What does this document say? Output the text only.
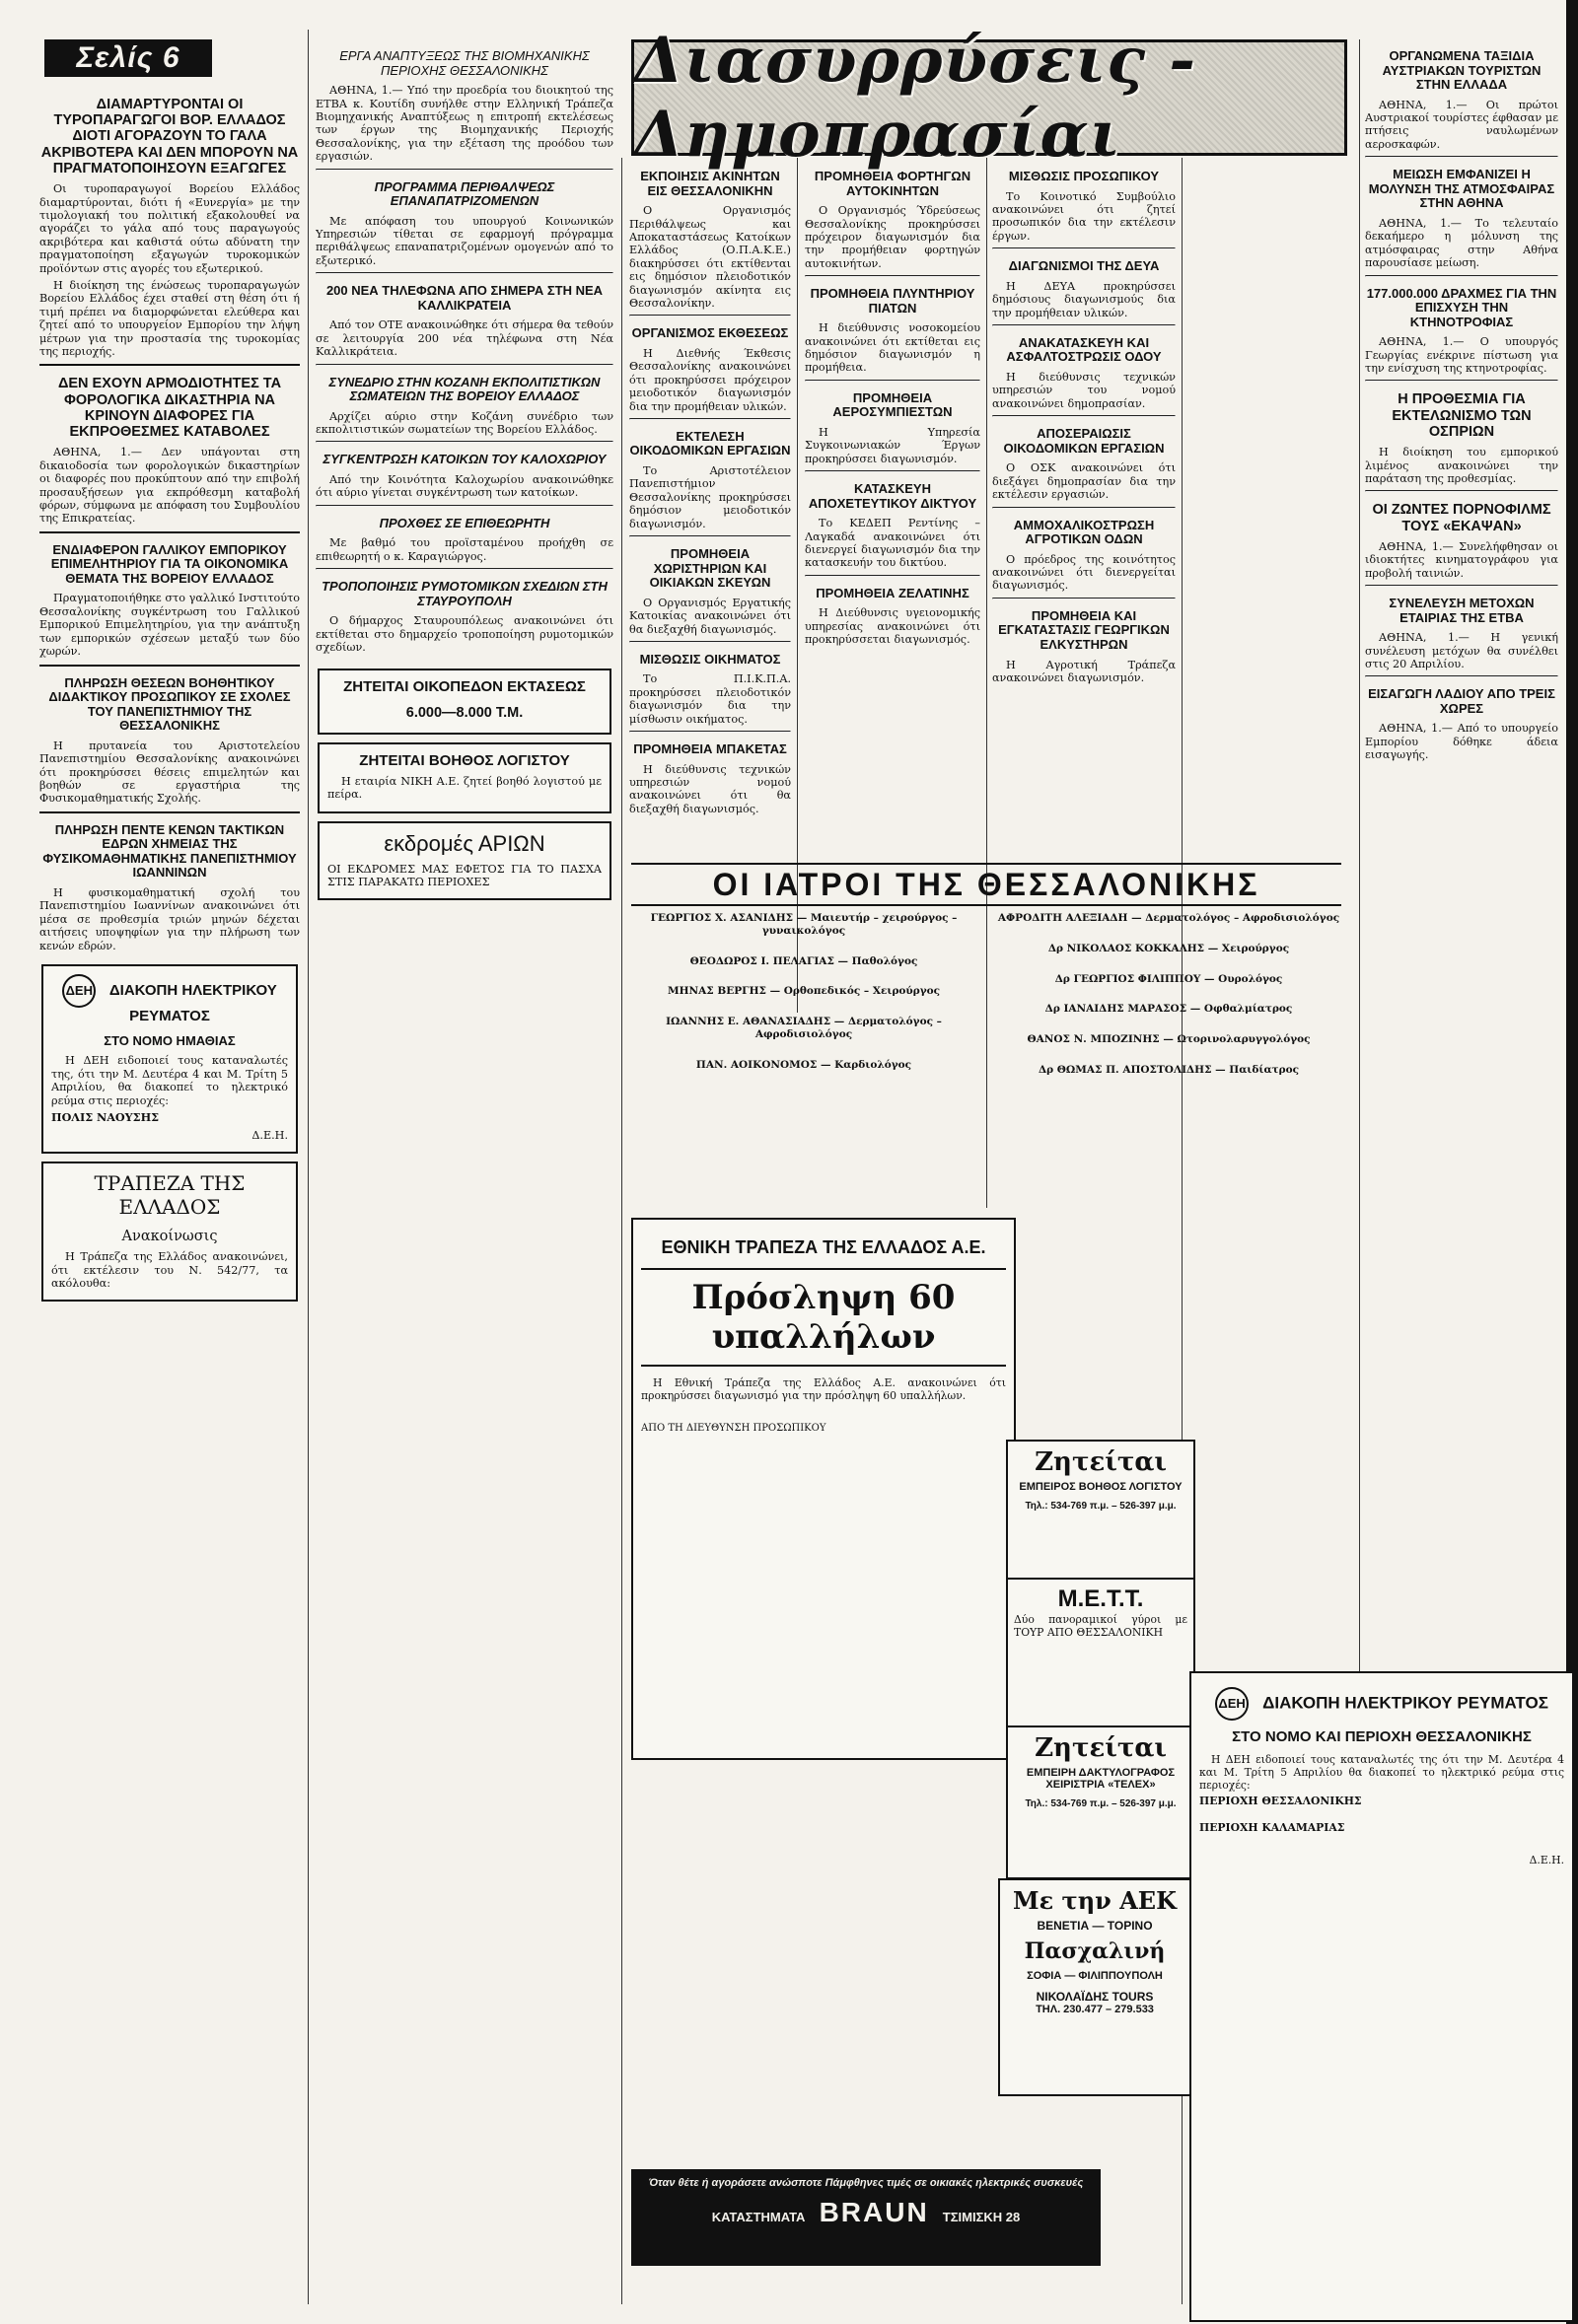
Σελίς 6	Διασυρρύσεις - Δημοπρασίαι
ΔΙΑΜΑΡΤΥΡΟΝΤΑΙ ΟΙ ΤΥΡΟΠΑΡΑΓΩΓΟΙ ΒΟΡ. ΕΛΛΑΔΟΣ ΔΙΟΤΙ ΑΓΟΡΑΖΟΥΝ ΤΟ ΓΑΛΑ ΑΚΡΙΒΟΤΕΡΑ ΚΑΙ ΔΕΝ ΜΠΟΡΟΥΝ ΝΑ ΠΡΑΓΜΑΤΟΠΟΙΗΣΟΥΝ ΕΞΑΓΩΓΕΣ

Οι τυροπαραγωγοί Βορείου Ελλάδος διαμαρτύρονται, διότι ή «Ευνεργία» με την τιμολογιακή του πολιτική εξακολουθεί να αγοράζει το γάλα από τους παραγωγούς ακριβότερα και καθιστά ούτω αδύνατη την πραγματοποίηση εξαγωγών τυροκομικών προϊόντων στις αγορές του εξωτερικού.

Η διοίκηση της ένώσεως τυροπαραγωγών Βορείου Ελλάδος έχει σταθεί στη θέση ότι ή τιμή πρέπει να διαμορφώνεται ελεύθερα και ζητεί από το υπουργείον Εμπορίου την λήψη μέτρων για την προστασία της τυροκομίας της περιοχής.

ΔΕΝ ΕΧΟΥΝ ΑΡΜΟΔΙΟΤΗΤΕΣ ΤΑ ΦΟΡΟΛΟΓΙΚΑ ΔΙΚΑΣΤΗΡΙΑ ΝΑ ΚΡΙΝΟΥΝ ΔΙΑΦΟΡΕΣ ΓΙΑ ΕΚΠΡΟΘΕΣΜΕΣ ΚΑΤΑΒΟΛΕΣ

ΑΘΗΝΑ, 1.— Δεν υπάγονται στη δικαιοδοσία των φορολογικών δικαστηρίων οι διαφορές που προκύπτουν από την επιβολή προσαυξήσεων για εκπρόθεσμη καταβολή φόρων, σύμφωνα με απόφαση του Συμβουλίου της Επικρατείας.

ΕΝΔΙΑΦΕΡΟΝ ΓΑΛΛΙΚΟΥ ΕΜΠΟΡΙΚΟΥ ΕΠΙΜΕΛΗΤΗΡΙΟΥ ΓΙΑ ΤΑ ΟΙΚΟΝΟΜΙΚΑ ΘΕΜΑΤΑ ΤΗΣ ΒΟΡΕΙΟΥ ΕΛΛΑΔΟΣ

Πραγματοποιήθηκε στο γαλλικό Ινστιτούτο Θεσσαλονίκης συγκέντρωση του Γαλλικού Εμπορικού Επιμελητηρίου, για την ανάπτυξη των εμπορικών σχέσεων μεταξύ των δύο χωρών.

ΠΛΗΡΩΣΗ ΘΕΣΕΩΝ ΒΟΗΘΗΤΙΚΟΥ ΔΙΔΑΚΤΙΚΟΥ ΠΡΟΣΩΠΙΚΟΥ ΣΕ ΣΧΟΛΕΣ ΤΟΥ ΠΑΝΕΠΙΣΤΗΜΙΟΥ ΤΗΣ ΘΕΣΣΑΛΟΝΙΚΗΣ

Η πρυτανεία του Αριστοτελείου Πανεπιστημίου Θεσσαλονίκης ανακοινώνει ότι προκηρύσσει θέσεις επιμελητών και βοηθών σε εργαστήρια της Φυσικομαθηματικής Σχολής.

ΠΛΗΡΩΣΗ ΠΕΝΤΕ ΚΕΝΩΝ ΤΑΚΤΙΚΩΝ ΕΔΡΩΝ ΧΗΜΕΙΑΣ ΤΗΣ ΦΥΣΙΚΟΜΑΘΗΜΑΤΙΚΗΣ ΠΑΝΕΠΙΣΤΗΜΙΟΥ ΙΩΑΝΝΙΝΩΝ

Η φυσικομαθηματική σχολή του Πανεπιστημίου Ιωαννίνων ανακοινώνει ότι μέσα σε προθεσμία τριών μηνών δέχεται αιτήσεις υποψηφίων για την πλήρωση των κενών εδρών.

ΔΕΗ ΔΙΑΚΟΠΗ ΗΛΕΚΤΡΙΚΟΥ ΡΕΥΜΑΤΟΣ
ΣΤΟ ΝΟΜΟ ΗΜΑΘΙΑΣ

Η ΔΕΗ ειδοποιεί τους καταναλωτές της, ότι την Μ. Δευτέρα 4 και Μ. Τρίτη 5 Απριλίου, θα διακοπεί το ηλεκτρικό ρεύμα στις περιοχές:

ΠΟΛΙΣ ΝΑΟΥΣΗΣ

Δ.Ε.Η.

ΤΡΑΠΕΖΑ ΤΗΣ ΕΛΛΑΔΟΣ
Ανακοίνωσις

Η Τράπεζα της Ελλάδος ανακοινώνει, ότι εκτέλεσιν του Ν. 542/77, τα ακόλουθα:

ΕΡΓΑ ΑΝΑΠΤΥΞΕΩΣ ΤΗΣ ΒΙΟΜΗΧΑΝΙΚΗΣ ΠΕΡΙΟΧΗΣ ΘΕΣΣΑΛΟΝΙΚΗΣ

ΑΘΗΝΑ, 1.— Υπό την προεδρία του διοικητού της ΕΤΒΑ κ. Κουτίδη συνήλθε στην Ελληνική Τράπεζα Βιομηχανικής Αναπτύξεως η επιτροπή εκτελέσεως των έργων της Βιομηχανικής Περιοχής Θεσσαλονίκης, για την εξέταση της προόδου των εργασιών.

ΠΡΟΓΡΑΜΜΑ ΠΕΡΙΘΑΛΨΕΩΣ ΕΠΑΝΑΠΑΤΡΙΖΟΜΕΝΩΝ

Με απόφαση του υπουργού Κοινωνικών Υπηρεσιών τίθεται σε εφαρμογή πρόγραμμα περιθάλψεως επαναπατριζομένων ομογενών από το εξωτερικό.

200 ΝΕΑ ΤΗΛΕΦΩΝΑ ΑΠΟ ΣΗΜΕΡΑ ΣΤΗ ΝΕΑ ΚΑΛΛΙΚΡΑΤΕΙΑ

Από τον ΟΤΕ ανακοινώθηκε ότι σήμερα θα τεθούν σε λειτουργία 200 νέα τηλέφωνα στη Νέα Καλλικράτεια.

ΣΥΝΕΔΡΙΟ ΣΤΗΝ ΚΟΖΑΝΗ ΕΚΠΟΛΙΤΙΣΤΙΚΩΝ ΣΩΜΑΤΕΙΩΝ ΤΗΣ ΒΟΡΕΙΟΥ ΕΛΛΑΔΟΣ

Αρχίζει αύριο στην Κοζάνη συνέδριο των εκπολιτιστικών σωματείων της Βορείου Ελλάδος.

ΣΥΓΚΕΝΤΡΩΣΗ ΚΑΤΟΙΚΩΝ ΤΟΥ ΚΑΛΟΧΩΡΙΟΥ

Από την Κοινότητα Καλοχωρίου ανακοινώθηκε ότι αύριο γίνεται συγκέντρωση των κατοίκων.

ΠΡΟΧΘΕΣ ΣΕ ΕΠΙΘΕΩΡΗΤΗ

Με βαθμό του προϊσταμένου προήχθη σε επιθεωρητή ο κ. Καραγιώργος.

ΤΡΟΠΟΠΟΙΗΣΙΣ ΡΥΜΟΤΟΜΙΚΩΝ ΣΧΕΔΙΩΝ ΣΤΗ ΣΤΑΥΡΟΥΠΟΛΗ

Ο δήμαρχος Σταυρουπόλεως ανακοινώνει ότι εκτίθεται στο δημαρχείο τροποποίηση ρυμοτομικών σχεδίων.

ΖΗΤΕΙΤΑΙ ΟΙΚΟΠΕΔΟΝ ΕΚΤΑΣΕΩΣ
6.000—8.000 Τ.Μ.
ΖΗΤΕΙΤΑΙ ΒΟΗΘΟΣ ΛΟΓΙΣΤΟΥ

Η εταιρία ΝΙΚΗ Α.Ε. ζητεί βοηθό λογιστού με πείρα.

εκδρομές ΑΡΙΩΝ

ΟΙ ΕΚΔΡΟΜΕΣ ΜΑΣ ΕΦΕΤΟΣ ΓΙΑ ΤΟ ΠΑΣΧΑ ΣΤΙΣ ΠΑΡΑΚΑΤΩ ΠΕΡΙΟΧΕΣ

ΕΚΠΟΙΗΣΙΣ ΑΚΙΝΗΤΩΝ ΕΙΣ ΘΕΣΣΑΛΟΝΙΚΗΝ

Ο Οργανισμός Περιθάλψεως και Αποκαταστάσεως Κατοίκων Ελλάδος (Ο.Π.Α.Κ.Ε.) διακηρύσσει ότι εκτίθενται εις δημόσιον πλειοδοτικόν διαγωνισμόν ακίνητα εις Θεσσαλονίκην.

ΟΡΓΑΝΙΣΜΟΣ ΕΚΘΕΣΕΩΣ

Η Διεθνής Έκθεσις Θεσσαλονίκης ανακοινώνει ότι προκηρύσσει πρόχειρον μειοδοτικόν διαγωνισμόν δια την προμήθειαν υλικών.

ΕΚΤΕΛΕΣΗ ΟΙΚΟΔΟΜΙΚΩΝ ΕΡΓΑΣΙΩΝ

Το Αριστοτέλειον Πανεπιστήμιον Θεσσαλονίκης προκηρύσσει δημόσιον μειοδοτικόν διαγωνισμόν.

ΠΡΟΜΗΘΕΙΑ ΧΩΡΙΣΤΗΡΙΩΝ ΚΑΙ ΟΙΚΙΑΚΩΝ ΣΚΕΥΩΝ

Ο Οργανισμός Εργατικής Κατοικίας ανακοινώνει ότι θα διεξαχθή διαγωνισμός.

ΜΙΣΘΩΣΙΣ ΟΙΚΗΜΑΤΟΣ

Το Π.Ι.Κ.Π.Α. προκηρύσσει πλειοδοτικόν διαγωνισμόν δια την μίσθωσιν οικήματος.

ΠΡΟΜΗΘΕΙΑ ΜΠΑΚΕΤΑΣ

Η διεύθυνσις τεχνικών υπηρεσιών νομού ανακοινώνει ότι θα διεξαχθή διαγωνισμός.

ΠΡΟΜΗΘΕΙΑ ΦΟΡΤΗΓΩΝ ΑΥΤΟΚΙΝΗΤΩΝ

Ο Οργανισμός Ύδρεύσεως Θεσσαλονίκης προκηρύσσει πρόχειρον διαγωνισμόν δια την προμήθειαν φορτηγών αυτοκινήτων.

ΠΡΟΜΗΘΕΙΑ ΠΛΥΝΤΗΡΙΟΥ ΠΙΑΤΩΝ

Η διεύθυνσις νοσοκομείου ανακοινώνει ότι εκτίθεται εις δημόσιον διαγωνισμόν η προμήθεια.

ΠΡΟΜΗΘΕΙΑ ΑΕΡΟΣΥΜΠΙΕΣΤΩΝ

Η Υπηρεσία Συγκοινωνιακών Έργων προκηρύσσει διαγωνισμόν.

ΚΑΤΑΣΚΕΥΗ ΑΠΟΧΕΤΕΥΤΙΚΟΥ ΔΙΚΤΥΟΥ

Το ΚΕΔΕΠ Ρεντίνης – Λαγκαδά ανακοινώνει ότι διενεργεί διαγωνισμόν δια την κατασκευήν του δικτύου.

ΠΡΟΜΗΘΕΙΑ ΖΕΛΑΤΙΝΗΣ

Η Διεύθυνσις υγειονομικής υπηρεσίας ανακοινώνει ότι προκηρύσσεται διαγωνισμός.

ΜΙΣΘΩΣΙΣ ΠΡΟΣΩΠΙΚΟΥ

Το Κοινοτικό Συμβούλιο ανακοινώνει ότι ζητεί προσωπικόν δια την εκτέλεσιν έργων.

ΔΙΑΓΩΝΙΣΜΟΙ ΤΗΣ ΔΕΥΑ

Η ΔΕΥΑ προκηρύσσει δημόσιους διαγωνισμούς δια την προμήθειαν υλικών.

ΑΝΑΚΑΤΑΣΚΕΥΗ ΚΑΙ ΑΣΦΑΛΤΟΣΤΡΩΣΙΣ ΟΔΟΥ

Η διεύθυνσις τεχνικών υπηρεσιών του νομού ανακοινώνει δημοπρασίαν.

ΑΠΟΣΕΡΑΙΩΣΙΣ ΟΙΚΟΔΟΜΙΚΩΝ ΕΡΓΑΣΙΩΝ

Ο ΟΣΚ ανακοινώνει ότι διεξάγει δημοπρασίαν δια την εκτέλεσιν εργασιών.

ΑΜΜΟΧΑΛΙΚΟΣΤΡΩΣΗ ΑΓΡΟΤΙΚΩΝ ΟΔΩΝ

Ο πρόεδρος της κοινότητος ανακοινώνει ότι διενεργείται διαγωνισμός.

ΠΡΟΜΗΘΕΙΑ ΚΑΙ ΕΓΚΑΤΑΣΤΑΣΙΣ ΓΕΩΡΓΙΚΩΝ ΕΛΚΥΣΤΗΡΩΝ

Η Αγροτική Τράπεζα ανακοινώνει διαγωνισμόν.

ΟΙ ΙΑΤΡΟΙ ΤΗΣ ΘΕΣΣΑΛΟΝΙΚΗΣ
ΓΕΩΡΓΙΟΣ Χ. ΑΣΑΝΙΔΗΣ — Μαιευτήρ – χειρούργος – γυναικολόγος
ΘΕΟΔΩΡΟΣ Ι. ΠΕΛΑΓΙΑΣ — Παθολόγος
ΜΗΝΑΣ ΒΕΡΓΗΣ — Ορθοπεδικός – Χειρούργος
ΙΩΑΝΝΗΣ Ε. ΑΘΑΝΑΣΙΑΔΗΣ — Δερματολόγος – Αφροδισιολόγος
ΠΑΝ. ΑΟΙΚΟΝΟΜΟΣ — Καρδιολόγος
ΑΦΡΟΔΙΤΗ ΑΛΕΞΙΑΔΗ — Δερματολόγος – Αφροδισιολόγος
Δρ ΝΙΚΟΛΑΟΣ ΚΟΚΚΑΛΗΣ — Χειρούργος
Δρ ΓΕΩΡΓΙΟΣ ΦΙΛΙΠΠΟΥ — Ουρολόγος
Δρ ΙΑΝΑΙΔΗΣ ΜΑΡΑΣΟΣ — Οφθαλμίατρος
ΘΑΝΟΣ Ν. ΜΠΟΖΙΝΗΣ — Ωτορινολαρυγγολόγος
Δρ ΘΩΜΑΣ Π. ΑΠΟΣΤΟΛΙΔΗΣ — Παιδίατρος
ΕΘΝΙΚΗ ΤΡΑΠΕΖΑ ΤΗΣ ΕΛΛΑΔΟΣ Α.Ε.
Πρόσληψη 60 υπαλλήλων

Η Εθνική Τράπεζα της Ελλάδος Α.Ε. ανακοινώνει ότι προκηρύσσει διαγωνισμό για την πρόσληψη 60 υπαλλήλων.

ΑΠΟ ΤΗ ΔΙΕΥΘΥΝΣΗ ΠΡΟΣΩΠΙΚΟΥ

Ζητείται
ΕΜΠΕΙΡΟΣ ΒΟΗΘΟΣ ΛΟΓΙΣΤΟΥ
Τηλ.: 534-769 π.μ. – 526-397 μ.μ.
Μ.Ε.Τ.Τ.

Δύο πανοραμικοί γύροι με ΤΟΥΡ ΑΠΟ ΘΕΣΣΑΛΟΝΙΚΗ

Ζητείται
ΕΜΠΕΙΡΗ ΔΑΚΤΥΛΟΓΡΑΦΟΣ ΧΕΙΡΙΣΤΡΙΑ «ΤΕΛΕΧ»
Τηλ.: 534-769 π.μ. – 526-397 μ.μ.
Με την ΑΕΚ
ΒΕΝΕΤΙΑ — ΤΟΡΙΝΟ
Πασχαλινή
ΣΟΦΙΑ — ΦΙΛΙΠΠΟΥΠΟΛΗ
ΝΙΚΟΛΑΪΔΗΣ TOURS
ΤΗΛ. 230.477 – 279.533
Όταν θέτε ή αγοράσετε ανώσποτε Πάμφθηνες τιμές σε οικιακές ηλεκτρικές συσκευές
ΚΑΤΑΣΤΗΜΑΤΑ BRAUN ΤΣΙΜΙΣΚΗ 28
ΟΡΓΑΝΩΜΕΝΑ ΤΑΞΙΔΙΑ ΑΥΣΤΡΙΑΚΩΝ ΤΟΥΡΙΣΤΩΝ ΣΤΗΝ ΕΛΛΑΔΑ

ΑΘΗΝΑ, 1.— Οι πρώτοι Αυστριακοί τουρίστες έφθασαν με πτήσεις ναυλωμένων αεροσκαφών.

ΜΕΙΩΣΗ ΕΜΦΑΝΙΖΕΙ Η ΜΟΛΥΝΣΗ ΤΗΣ ΑΤΜΟΣΦΑΙΡΑΣ ΣΤΗΝ ΑΘΗΝΑ

ΑΘΗΝΑ, 1.— Το τελευταίο δεκαήμερο η μόλυνση της ατμόσφαιρας στην Αθήνα παρουσίασε μείωση.

177.000.000 ΔΡΑΧΜΕΣ ΓΙΑ ΤΗΝ ΕΠΙΣΧΥΣΗ ΤΗΝ ΚΤΗΝΟΤΡΟΦΙΑΣ

ΑΘΗΝΑ, 1.— Ο υπουργός Γεωργίας ενέκρινε πίστωση για την ενίσχυση της κτηνοτροφίας.

Η ΠΡΟΘΕΣΜΙΑ ΓΙΑ ΕΚΤΕΛΩΝΙΣΜΟ ΤΩΝ ΟΣΠΡΙΩΝ

Η διοίκηση του εμπορικού λιμένος ανακοινώνει την παράταση της προθεσμίας.

ΟΙ ΖΩΝΤΕΣ ΠΟΡΝΟΦΙΛΜΣ ΤΟΥΣ «ΕΚΑΨΑΝ»

ΑΘΗΝΑ, 1.— Συνελήφθησαν οι ιδιοκτήτες κινηματογράφου για προβολή ταινιών.

ΣΥΝΕΛΕΥΣΗ ΜΕΤΟΧΩΝ ΕΤΑΙΡΙΑΣ ΤΗΣ ΕΤΒΑ

ΑΘΗΝΑ, 1.— Η γενική συνέλευση μετόχων θα συνέλθει στις 20 Απριλίου.

ΕΙΣΑΓΩΓΗ ΛΑΔΙΟΥ ΑΠΟ ΤΡΕΙΣ ΧΩΡΕΣ

ΑΘΗΝΑ, 1.— Από το υπουργείο Εμπορίου δόθηκε άδεια εισαγωγής.

ΔΕΗ ΔΙΑΚΟΠΗ ΗΛΕΚΤΡΙΚΟΥ ΡΕΥΜΑΤΟΣ
ΣΤΟ ΝΟΜΟ ΚΑΙ ΠΕΡΙΟΧΗ ΘΕΣΣΑΛΟΝΙΚΗΣ

Η ΔΕΗ ειδοποιεί τους καταναλωτές της ότι την Μ. Δευτέρα 4 και Μ. Τρίτη 5 Απριλίου θα διακοπεί το ηλεκτρικό ρεύμα στις περιοχές:

ΠΕΡΙΟΧΗ ΘΕΣΣΑΛΟΝΙΚΗΣ

ΠΕΡΙΟΧΗ ΚΑΛΑΜΑΡΙΑΣ

Δ.Ε.Η.
